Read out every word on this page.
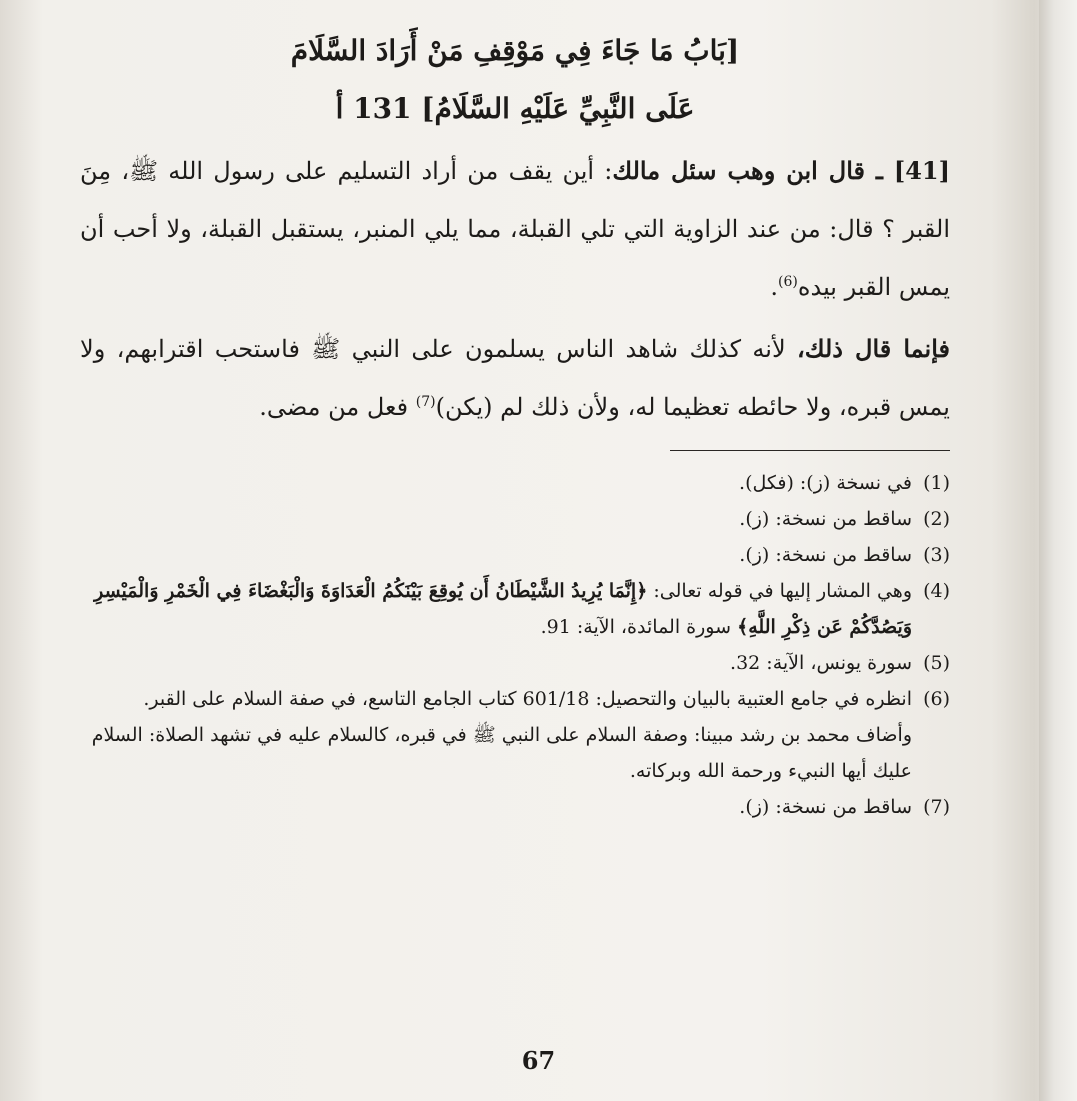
[بَابُ مَا جَاءَ فِي مَوْقِفِ مَنْ أَرَادَ السَّلَامَ
عَلَى النَّبِيِّ عَلَيْهِ السَّلَامُ] 131 أ

[41] ـ قال ابن وهب سئل مالك: أين يقف من أراد التسليم على رسول الله ﷺ، مِنَ القبر ؟ قال: من عند الزاوية التي تلي القبلة، مما يلي المنبر، يستقبل القبلة، ولا أحب أن يمس القبر بيده$^{(6)}$.

فإنما قال ذلك، لأنه كذلك شاهد الناس يسلمون على النبي ﷺ فاستحب اقترابهم، ولا يمس قبره، ولا حائطه تعظيما له، ولأن ذلك لم (يكن)$^{(7)}$ فعل من مضى.

(1)
في نسخة (ز): (فكل).
(2)
ساقط من نسخة: (ز).
(3)
ساقط من نسخة: (ز).
(4)
وهي المشار إليها في قوله تعالى: ﴿إِنَّمَا يُرِيدُ الشَّيْطَانُ أَن يُوقِعَ بَيْنَكُمُ الْعَدَاوَةَ وَالْبَغْضَاءَ فِي الْخَمْرِ وَالْمَيْسِرِ وَيَصُدَّكُمْ عَن ذِكْرِ اللَّهِ﴾ سورة المائدة، الآية: 91.
(5)
سورة يونس، الآية: 32.
(6)
انظره في جامع العتبية بالبيان والتحصيل: 601/18 كتاب الجامع التاسع، في صفة السلام على القبر.
وأضاف محمد بن رشد مبينا: وصفة السلام على النبي ﷺ في قبره، كالسلام عليه في تشهد الصلاة: السلام عليك أيها النبيء ورحمة الله وبركاته.
(7)
ساقط من نسخة: (ز).
67
